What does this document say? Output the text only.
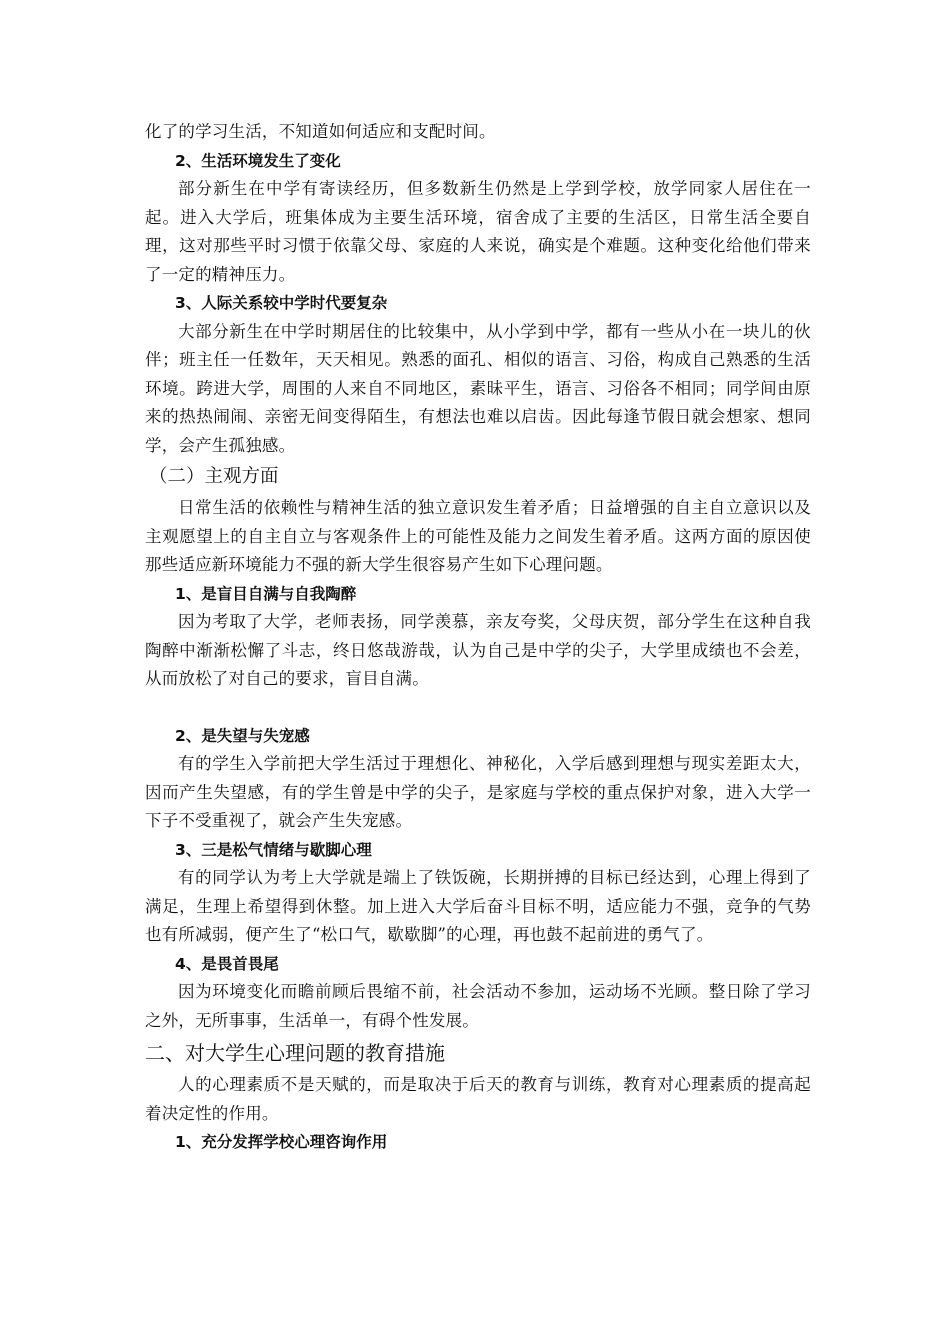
化了的学习生活，不知道如何适应和支配时间。

2、生活环境发生了变化

部分新生在中学有寄读经历，但多数新生仍然是上学到学校，放学同家人居住在一起。进入大学后，班集体成为主要生活环境，宿舍成了主要的生活区，日常生活全要自理，这对那些平时习惯于依靠父母、家庭的人来说，确实是个难题。这种变化给他们带来了一定的精神压力。

3、人际关系较中学时代要复杂

大部分新生在中学时期居住的比较集中，从小学到中学，都有一些从小在一块儿的伙伴；班主任一任数年，天天相见。熟悉的面孔、相似的语言、习俗，构成自己熟悉的生活环境。跨进大学，周围的人来自不同地区，素昧平生，语言、习俗各不相同；同学间由原来的热热闹闹、亲密无间变得陌生，有想法也难以启齿。因此每逢节假日就会想家、想同学，会产生孤独感。

（二）主观方面

日常生活的依赖性与精神生活的独立意识发生着矛盾；日益增强的自主自立意识以及主观愿望上的自主自立与客观条件上的可能性及能力之间发生着矛盾。这两方面的原因使那些适应新环境能力不强的新大学生很容易产生如下心理问题。

1、是盲目自满与自我陶醉

因为考取了大学，老师表扬，同学羡慕，亲友夸奖，父母庆贺，部分学生在这种自我陶醉中渐渐松懈了斗志，终日悠哉游哉，认为自己是中学的尖子，大学里成绩也不会差，从而放松了对自己的要求，盲目自满。

2、是失望与失宠感

有的学生入学前把大学生活过于理想化、神秘化，入学后感到理想与现实差距太大，因而产生失望感，有的学生曾是中学的尖子，是家庭与学校的重点保护对象，进入大学一下子不受重视了，就会产生失宠感。

3、三是松气情绪与歇脚心理

有的同学认为考上大学就是端上了铁饭碗，长期拼搏的目标已经达到，心理上得到了满足，生理上希望得到休整。加上进入大学后奋斗目标不明，适应能力不强，竞争的气势也有所减弱，便产生了“松口气，歇歇脚”的心理，再也鼓不起前进的勇气了。

4、是畏首畏尾

因为环境变化而瞻前顾后畏缩不前，社会活动不参加，运动场不光顾。整日除了学习之外，无所事事，生活单一，有碍个性发展。

二、对大学生心理问题的教育措施

人的心理素质不是天赋的，而是取决于后天的教育与训练，教育对心理素质的提高起着决定性的作用。

1、充分发挥学校心理咨询作用
